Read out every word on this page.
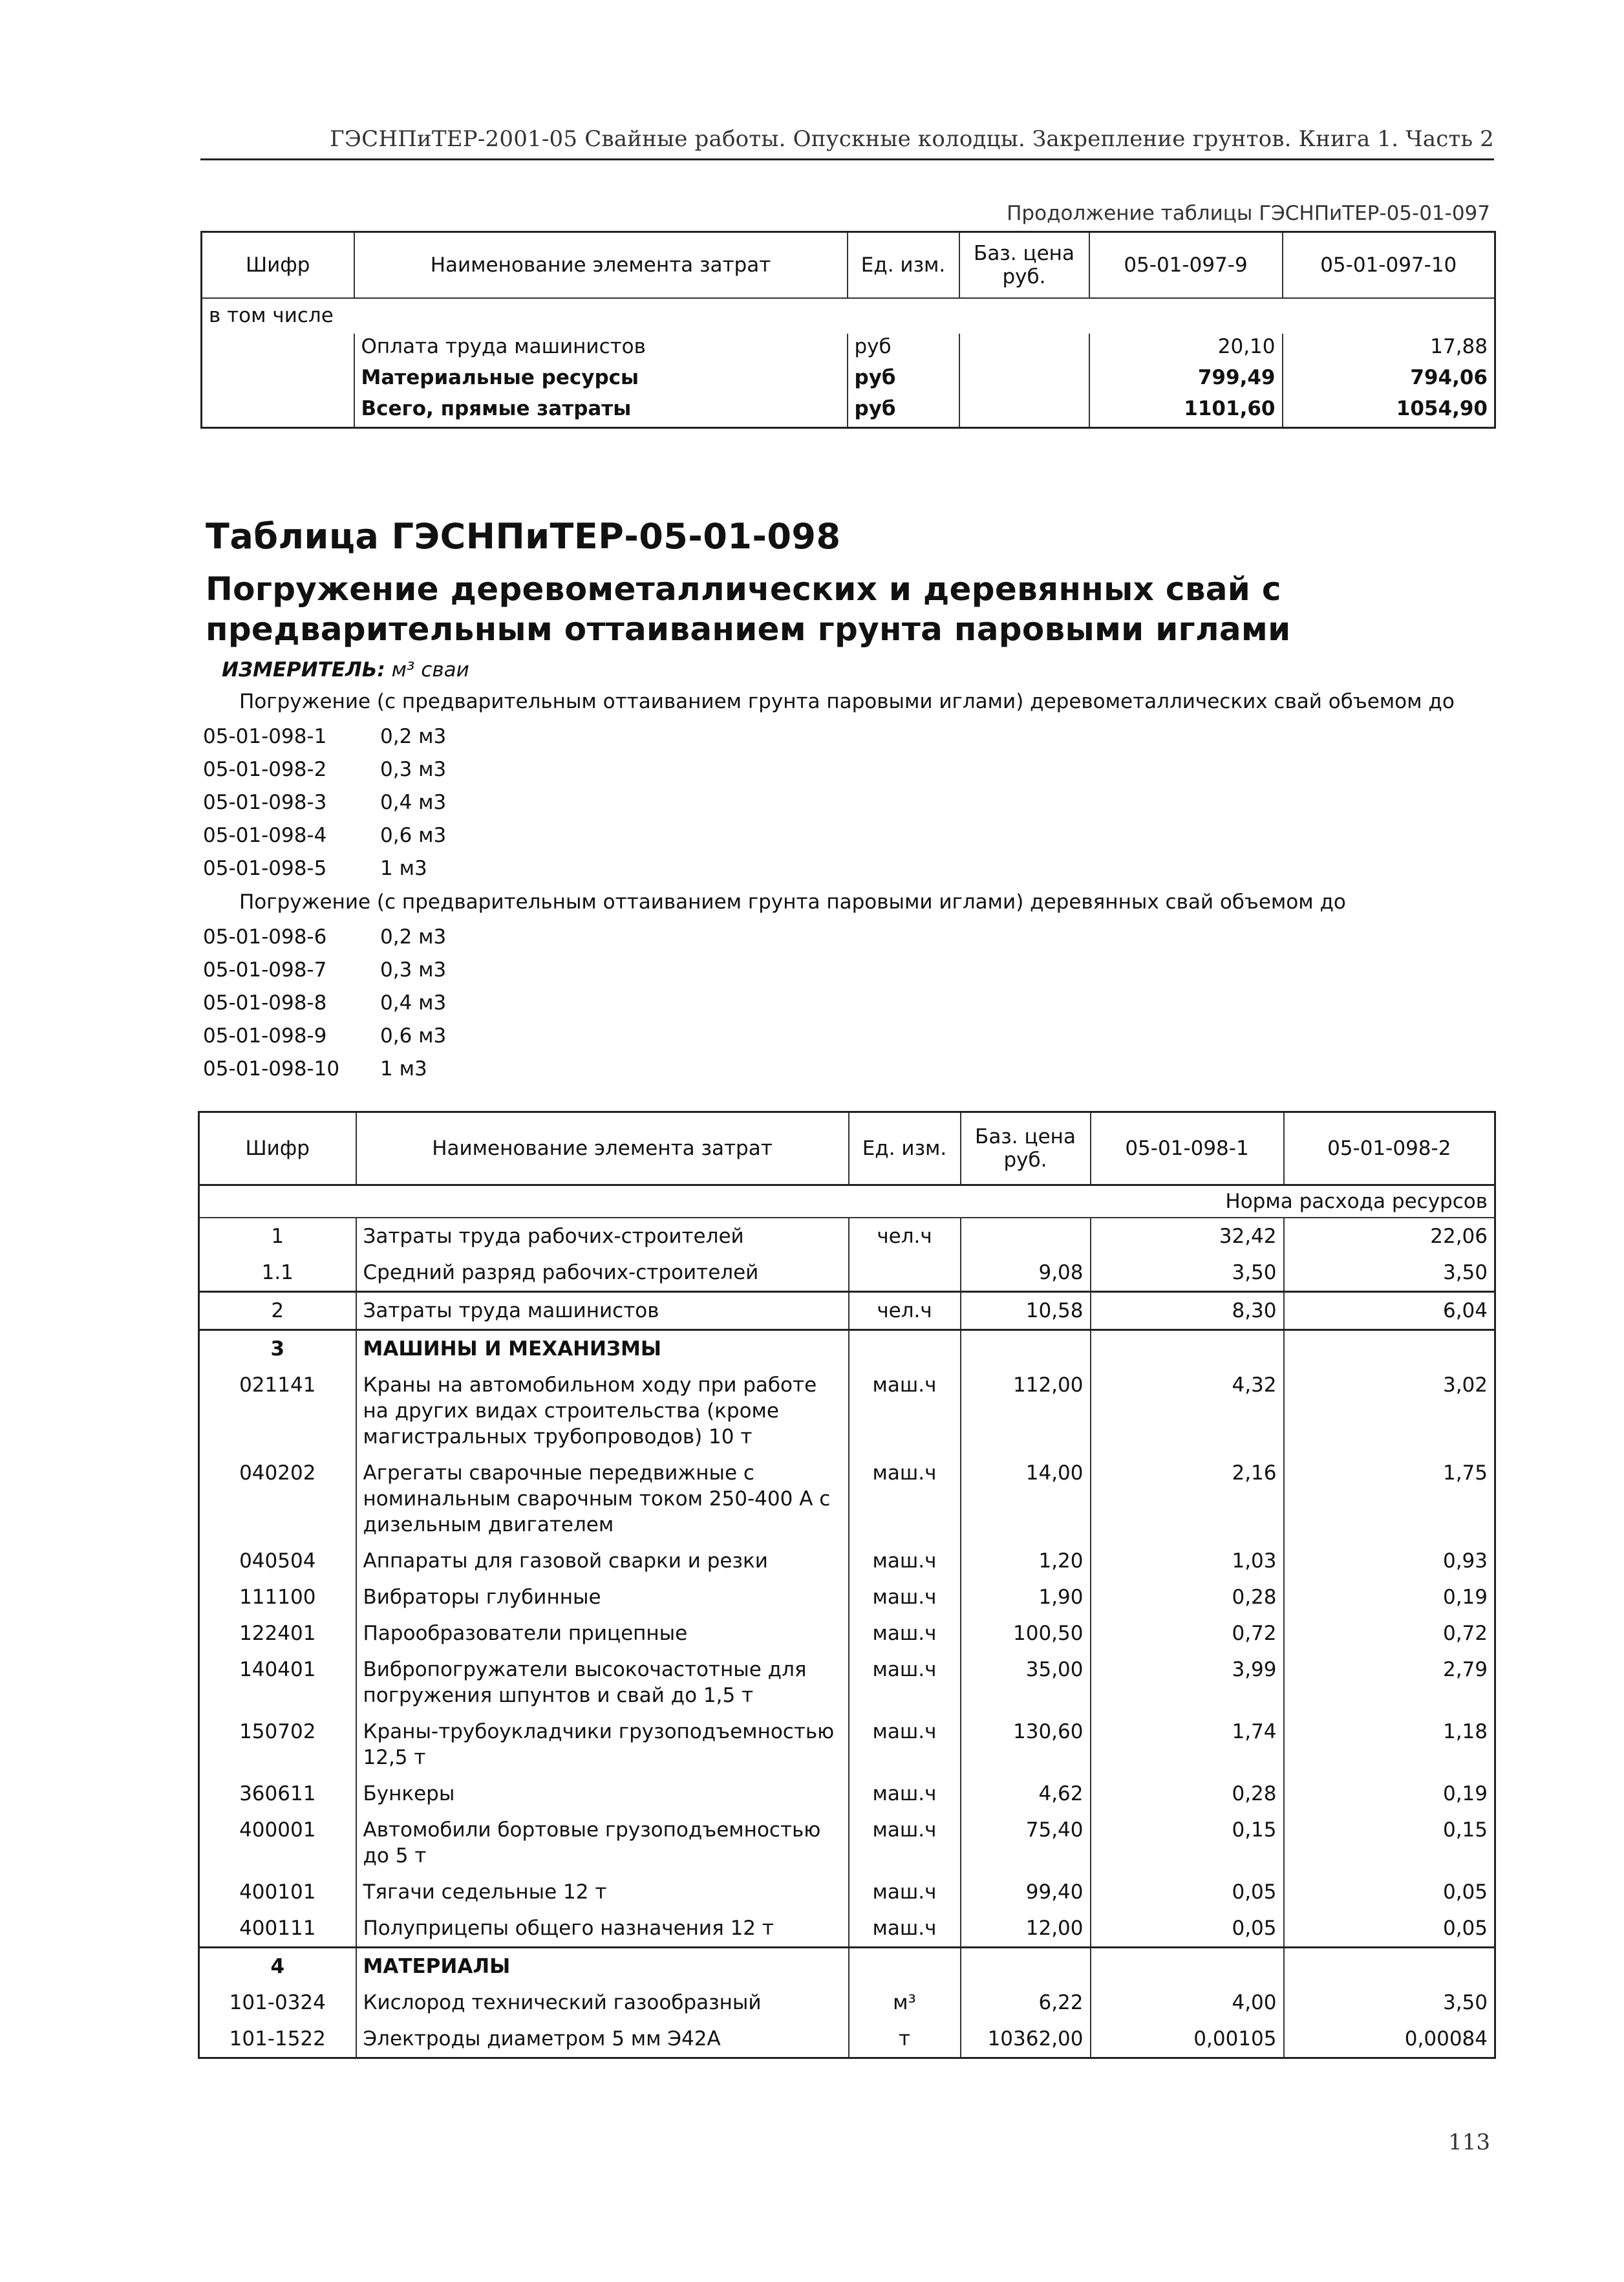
ГЭСНПиТЕР-2001-05 Свайные работы. Опускные колодцы. Закрепление грунтов. Книга 1. Часть 2
Продолжение таблицы ГЭСНПиТЕР-05-01-097
Шифр	Наименование элемента затрат	Ед. изм.	Баз. цена руб.	05-01-097-9	05-01-097-10
в том числе					
	Оплата труда машинистов	руб		20,10	17,88
	Материальные ресурсы	руб		799,49	794,06
	Всего, прямые затраты	руб		1101,60	1054,90
Таблица ГЭСНПиТЕР-05-01-098
Погружение деревометаллических и деревянных свай с предварительным оттаиванием грунта паровыми иглами
ИЗМЕРИТЕЛЬ: м³ сваи
Погружение (с предварительным оттаиванием грунта паровыми иглами) деревометаллических свай объемом до
05-01-098-1	0,2 м3
05-01-098-2	0,3 м3
05-01-098-3	0,4 м3
05-01-098-4	0,6 м3
05-01-098-5	1 м3
Погружение (с предварительным оттаиванием грунта паровыми иглами) деревянных свай объемом до
05-01-098-6	0,2 м3
05-01-098-7	0,3 м3
05-01-098-8	0,4 м3
05-01-098-9	0,6 м3
05-01-098-10 1 м3
Шифр	Наименование элемента затрат	Ед. изм.	Баз. цена руб.	05-01-098-1	05-01-098-2
Норма расхода ресурсов					
1	Затраты труда рабочих-строителей	чел.ч		32,42	22,06
1.1	Средний разряд рабочих-строителей		9,08	3,50	3,50
2	Затраты труда машинистов	чел.ч	10,58	8,30	6,04
3	МАШИНЫ И МЕХАНИЗМЫ				
021141	Краны на автомобильном ходу при работе на других видах строительства (кроме магистральных трубопроводов) 10 т	маш.ч	112,00	4,32	3,02
040202	Агрегаты сварочные передвижные с номинальным сварочным током 250-400 А с дизельным двигателем	маш.ч	14,00	2,16	1,75
040504	Аппараты для газовой сварки и резки	маш.ч	1,20	1,03	0,93
111100	Вибраторы глубинные	маш.ч	1,90	0,28	0,19
122401	Парообразователи прицепные	маш.ч	100,50	0,72	0,72
140401	Вибропогружатели высокочастотные для погружения шпунтов и свай до 1,5 т	маш.ч	35,00	3,99	2,79
150702	Краны-трубоукладчики грузоподъемностью 12,5 т	маш.ч	130,60	1,74	1,18
360611	Бункеры	маш.ч	4,62	0,28	0,19
400001	Автомобили бортовые грузоподъемностью до 5 т	маш.ч	75,40	0,15	0,15
400101	Тягачи седельные 12 т	маш.ч	99,40	0,05	0,05
400111	Полуприцепы общего назначения 12 т	маш.ч	12,00	0,05	0,05
4	МАТЕРИАЛЫ				
101-0324	Кислород технический газообразный	м³	6,22	4,00	3,50
101-1522	Электроды диаметром 5 мм Э42А	т	10362,00	0,00105	0,00084
113
